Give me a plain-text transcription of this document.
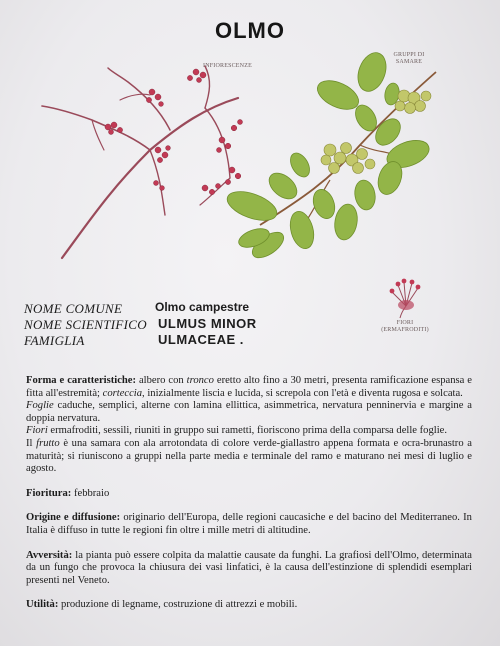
OLMO
INFIORESCENZE
GRUPPI DI SAMARE
FIORI (ERMAFRODITI)
NOME COMUNE	Olmo campestre
NOME SCIENTIFICO ULMUS MINOR
FAMIGLIA	ULMACEAE .

Forma e caratteristiche: albero con tronco eretto alto fino a 30 metri, presenta ramificazione espansa e fitta all'estremità; corteccia, inizialmente liscia e lucida, si screpola con l'età e diventa rugosa e solcata.

Foglie caduche, semplici, alterne con lamina ellittica, asimmetrica, nervatura penninervia e margine a doppia nervatura.

Fiori ermafroditi, sessili, riuniti in gruppo sui rametti, fioriscono prima della comparsa delle foglie.

Il frutto è una samara con ala arrotondata di colore verde-giallastro appena formata e ocra-brunastro a maturità; si riuniscono a gruppi nella parte media e terminale del ramo e maturano nei mesi di luglio e agosto.

Fioritura: febbraio

Origine e diffusione: originario dell'Europa, delle regioni caucasiche e del bacino del Mediterraneo. In Italia è diffuso in tutte le regioni fin oltre i mille metri di altitudine.

Avversità: la pianta può essere colpita da malattie causate da funghi. La grafiosi dell'Olmo, determinata da un fungo che provoca la chiusura dei vasi linfatici, è la causa dell'estinzione di splendidi esemplari presenti nel Veneto.

Utilità: produzione di legname, costruzione di attrezzi e mobili.
